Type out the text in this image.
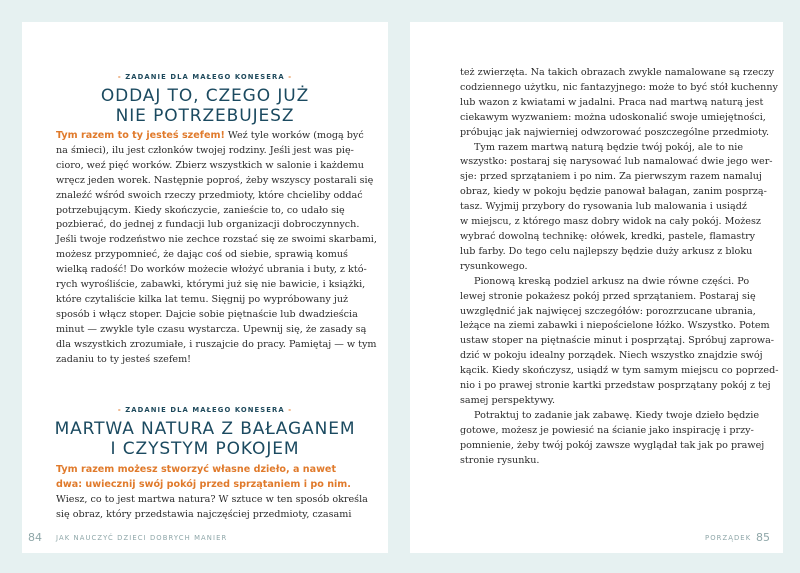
- ZADANIE DLA MAŁEGO KONESERA -
ODDAJ TO, CZEGO JUŻ
NIE POTRZEBUJESZ
Tym razem to ty jesteś szefem! Weź tyle worków (mogą być
na śmieci), ilu jest członków twojej rodziny. Jeśli jest was pię-
cioro, weź pięć worków. Zbierz wszystkich w salonie i każdemu
wręcz jeden worek. Następnie poproś, żeby wszyscy postarali się
znaleźć wśród swoich rzeczy przedmioty, które chcieliby oddać
potrzebującym. Kiedy skończycie, zanieście to, co udało się
pozbierać, do jednej z fundacji lub organizacji dobroczynnych.
Jeśli twoje rodzeństwo nie zechce rozstać się ze swoimi skarbami,
możesz przypomnieć, że dając coś od siebie, sprawią komuś
wielką radość! Do worków możecie włożyć ubrania i buty, z któ-
rych wyrośliście, zabawki, którymi już się nie bawicie, i książki,
które czytaliście kilka lat temu. Sięgnij po wypróbowany już
sposób i włącz stoper. Dajcie sobie piętnaście lub dwadzieścia
minut — zwykle tyle czasu wystarcza. Upewnij się, że zasady są
dla wszystkich zrozumiałe, i ruszajcie do pracy. Pamiętaj — w tym
zadaniu to ty jesteś szefem!
- ZADANIE DLA MAŁEGO KONESERA -
MARTWA NATURA Z BAŁAGANEM
I CZYSTYM POKOJEM
Tym razem możesz stworzyć własne dzieło, a nawet
dwa: uwiecznij swój pokój przed sprzątaniem i po nim.
Wiesz, co to jest martwa natura? W sztuce w ten sposób określa
się obraz, który przedstawia najczęściej przedmioty, czasami
84 JAK NAUCZYĆ DZIECI DOBRYCH MANIER
też zwierzęta. Na takich obrazach zwykle namalowane są rzeczy
codziennego użytku, nic fantazyjnego: może to być stół kuchenny
lub wazon z kwiatami w jadalni. Praca nad martwą naturą jest
ciekawym wyzwaniem: można udoskonalić swoje umiejętności,
próbując jak najwierniej odwzorować poszczególne przedmioty.
Tym razem martwą naturą będzie twój pokój, ale to nie
wszystko: postaraj się narysować lub namalować dwie jego wer-
sje: przed sprzątaniem i po nim. Za pierwszym razem namaluj
obraz, kiedy w pokoju będzie panował bałagan, zanim posprzą-
tasz. Wyjmij przybory do rysowania lub malowania i usiądź
w miejscu, z którego masz dobry widok na cały pokój. Możesz
wybrać dowolną technikę: ołówek, kredki, pastele, flamastry
lub farby. Do tego celu najlepszy będzie duży arkusz z bloku
rysunkowego.
Pionową kreską podziel arkusz na dwie równe części. Po
lewej stronie pokażesz pokój przed sprzątaniem. Postaraj się
uwzględnić jak najwięcej szczegółów: porozrzucane ubrania,
leżące na ziemi zabawki i niepościelone łóżko. Wszystko. Potem
ustaw stoper na piętnaście minut i posprzątaj. Spróbuj zaprowa-
dzić w pokoju idealny porządek. Niech wszystko znajdzie swój
kącik. Kiedy skończysz, usiądź w tym samym miejscu co poprzed-
nio i po prawej stronie kartki przedstaw posprzątany pokój z tej
samej perspektywy.
Potraktuj to zadanie jak zabawę. Kiedy twoje dzieło będzie
gotowe, możesz je powiesić na ścianie jako inspirację i przy-
pomnienie, żeby twój pokój zawsze wyglądał tak jak po prawej
stronie rysunku.
PORZĄDEK 85
